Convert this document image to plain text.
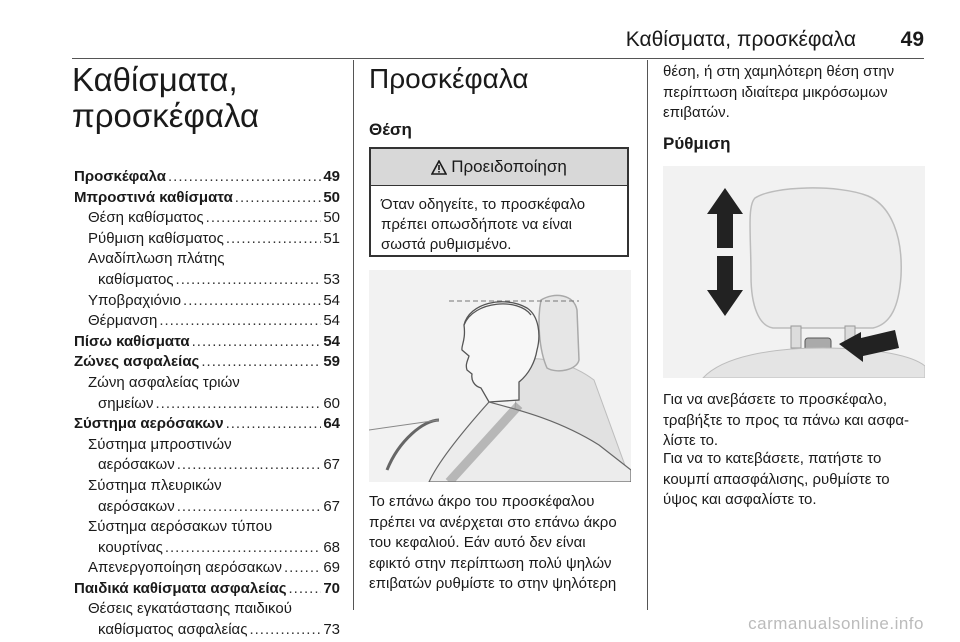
Καθίσματα, προσκέφαλα 49
Καθίσματα,
προσκέφαλα
Προσκέφαλα .....	49
Μπροστινά καθίσματα .....	50
Θέση καθίσματος .....	50
Ρύθμιση καθίσματος .....	51
Αναδίπλωση πλάτης
καθίσματος .....	53
Υποβραχιόνιο .....	54
Θέρμανση .....	54
Πίσω καθίσματα .....	54
Ζώνες ασφαλείας .....	59
Ζώνη ασφαλείας τριών
σημείων .....	60
Σύστημα αερόσακων .....	64
Σύστημα μπροστινών
αερόσακων .....	67
Σύστημα πλευρικών
αερόσακων .....	67
Σύστημα αερόσακων τύπου
κουρτίνας .....	68
Απενεργοποίηση αερόσακων .....	69
Παιδικά καθίσματα ασφαλείας ..... 70
Θέσεις εγκατάστασης παιδικού
καθίσματος ασφαλείας .....	73
Προσκέφαλα
Θέση
Προειδοποίηση
Όταν οδηγείτε, το προσκέφαλο
πρέπει οπωσδήποτε να είναι
σωστά ρυθμισμένο.
Το επάνω άκρο του προσκέφαλου
πρέπει να ανέρχεται στο επάνω άκρο
του κεφαλιού. Εάν αυτό δεν είναι
εφικτό στην περίπτωση πολύ ψηλών
επιβατών ρυθμίστε το στην ψηλότερη
θέση, ή στη χαμηλότερη θέση στην
περίπτωση ιδιαίτερα μικρόσωμων
επιβατών.
Ρύθμιση
Για να ανεβάσετε το προσκέφαλο,
τραβήξτε το προς τα πάνω και ασφα-
λίστε το.
Για να το κατεβάσετε, πατήστε το
κουμπί απασφάλισης, ρυθμίστε το
ύψος και ασφαλίστε το.
carmanualsonline.info
